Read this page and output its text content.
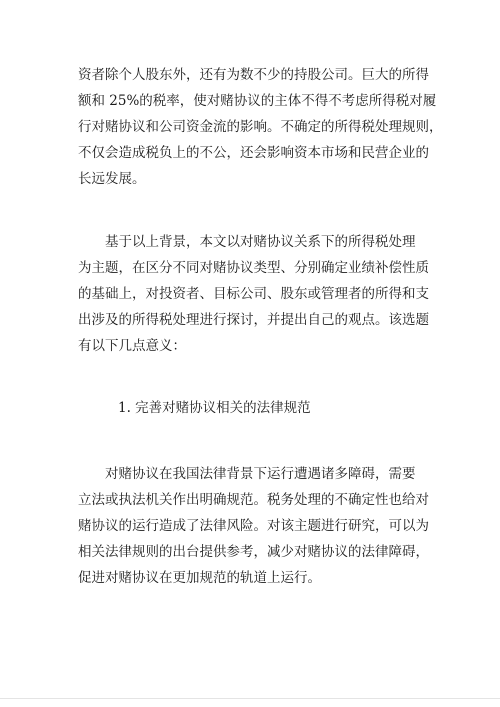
资者除个人股东外，还有为数不少的持股公司。巨大的所得
额和 25%的税率，使对赌协议的主体不得不考虑所得税对履
行对赌协议和公司资金流的影响。不确定的所得税处理规则，
不仅会造成税负上的不公，还会影响资本市场和民营企业的
长远发展。
基于以上背景，本文以对赌协议关系下的所得税处理
为主题，在区分不同对赌协议类型、分别确定业绩补偿性质
的基础上，对投资者、目标公司、股东或管理者的所得和支
出涉及的所得税处理进行探讨，并提出自己的观点。该选题
有以下几点意义：
1. 完善对赌协议相关的法律规范
对赌协议在我国法律背景下运行遭遇诸多障碍，需要
立法或执法机关作出明确规范。税务处理的不确定性也给对
赌协议的运行造成了法律风险。对该主题进行研究，可以为
相关法律规则的出台提供参考，减少对赌协议的法律障碍，
促进对赌协议在更加规范的轨道上运行。
